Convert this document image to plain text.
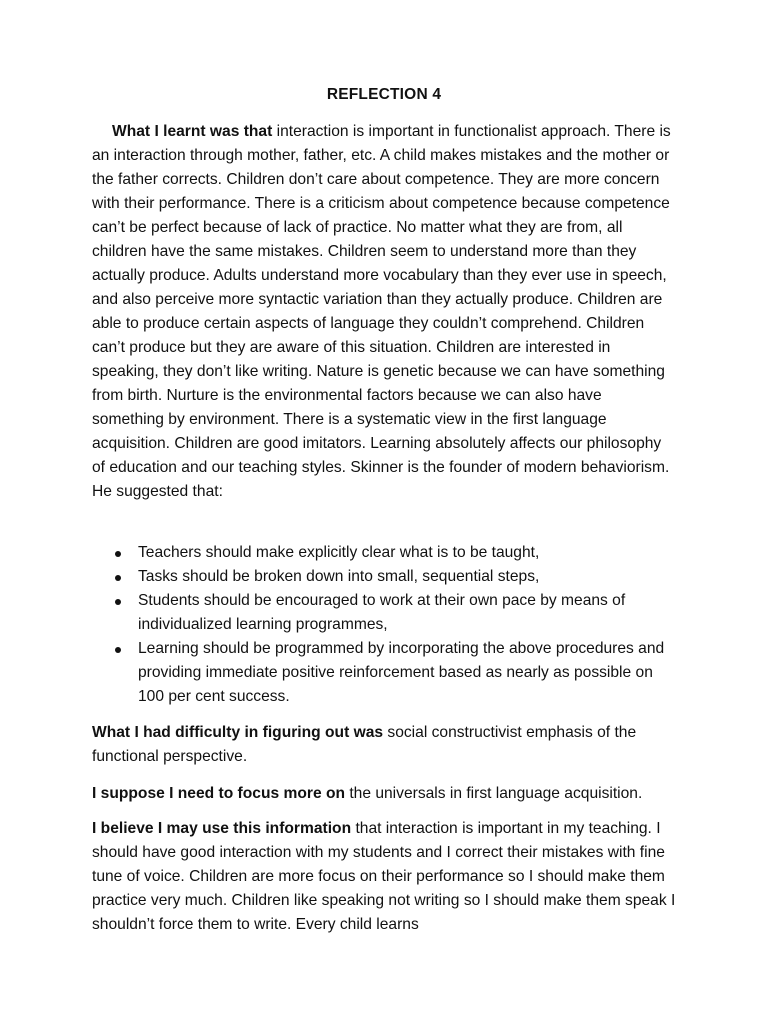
REFLECTION 4
What I learnt was that interaction is important in functionalist approach. There is an interaction through mother, father, etc. A child makes mistakes and the mother or the father corrects. Children don’t care about competence. They are more concern with their performance. There is a criticism about competence because competence can’t be perfect because of lack of practice. No matter what they are from, all children have the same mistakes. Children seem to understand more than they actually produce. Adults understand more vocabulary than they ever use in speech, and also perceive more syntactic variation than they actually produce. Children are able to produce certain aspects of language they couldn’t comprehend. Children can’t produce but they are aware of this situation. Children are interested in speaking, they don’t like writing. Nature is genetic because we can have something from birth. Nurture is the environmental factors because we can also have something by environment. There is a systematic view in the first language acquisition. Children are good imitators. Learning absolutely affects our philosophy of education and our teaching styles. Skinner is the founder of modern behaviorism. He suggested that:
Teachers should make explicitly clear what is to be taught,
Tasks should be broken down into small, sequential steps,
Students should be encouraged to work at their own pace by means of individualized learning programmes,
Learning should be programmed by incorporating the above procedures and providing immediate positive reinforcement based as nearly as possible on 100 per cent success.
What I had difficulty in figuring out was social constructivist emphasis of the functional perspective.
I suppose I need to focus more on the universals in first language acquisition.
I believe I may use this information that interaction is important in my teaching. I should have good interaction with my students and I correct their mistakes with fine tune of voice. Children are more focus on their performance so I should make them practice very much. Children like speaking not writing so I should make them speak I shouldn’t force them to write. Every child learns
